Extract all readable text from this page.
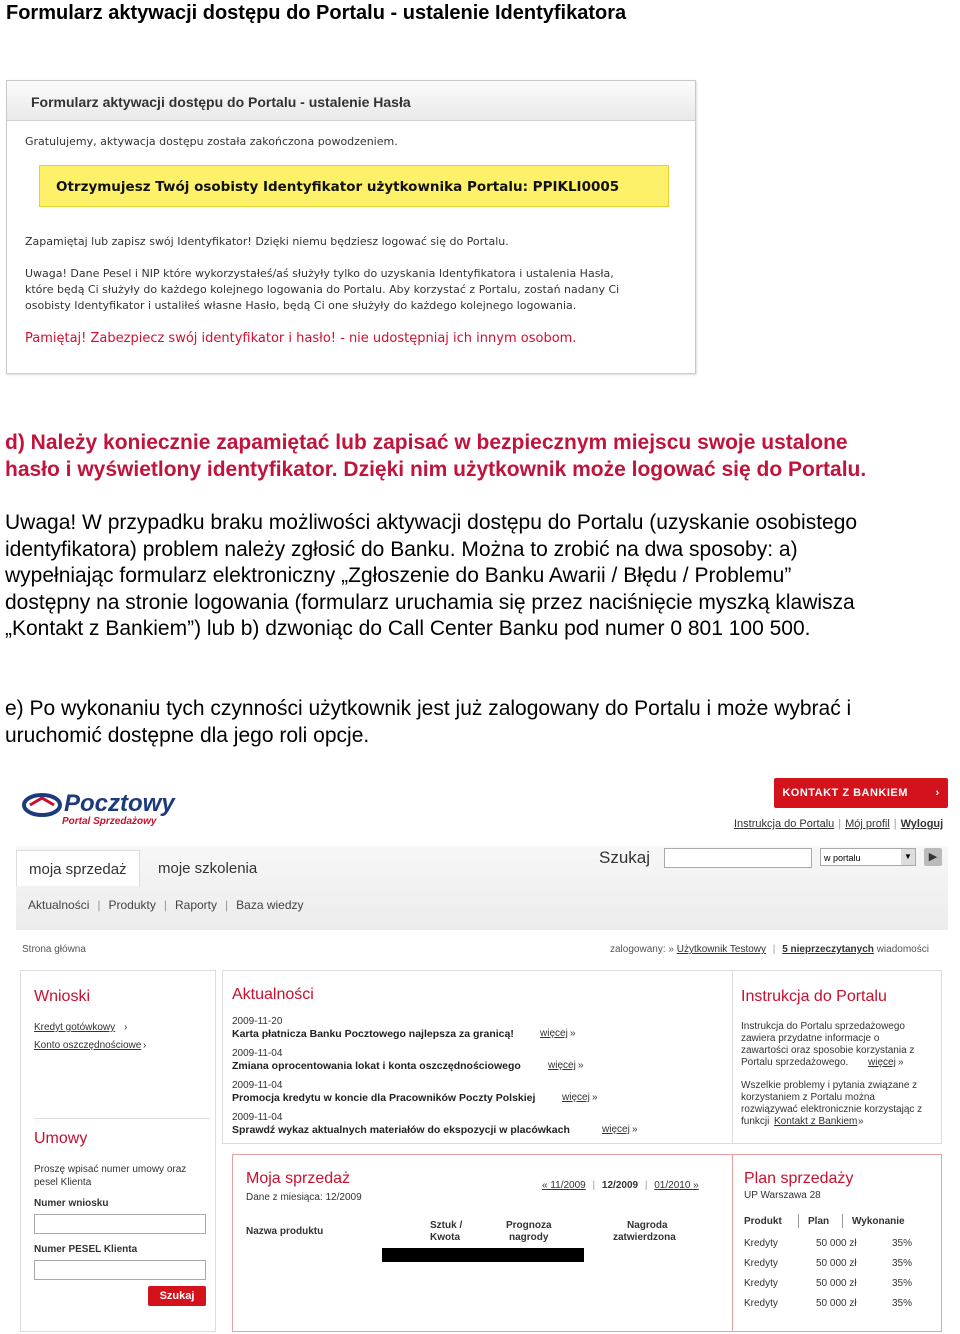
Formularz aktywacji dostępu do Portalu - ustalenie Identyfikatora
Formularz aktywacji dostępu do Portalu - ustalenie Hasła
Gratulujemy, aktywacja dostępu została zakończona powodzeniem.
Otrzymujesz Twój osobisty Identyfikator użytkownika Portalu: PPIKLI0005
Zapamiętaj lub zapisz swój Identyfikator! Dzięki niemu będziesz logować się do Portalu.
Uwaga! Dane Pesel i NIP które wykorzystałeś/aś służyły tylko do uzyskania Identyfikatora i ustalenia Hasła,
które będą Ci służyły do każdego kolejnego logowania do Portalu. Aby korzystać z Portalu, zostań nadany Ci
osobisty Identyfikator i ustaliłeś własne Hasło, będą Ci one służyły do każdego kolejnego logowania.
Pamiętaj! Zabezpiecz swój identyfikator i hasło! - nie udostępniaj ich innym osobom.
d) Należy koniecznie zapamiętać lub zapisać w bezpiecznym miejscu swoje ustalone
hasło i wyświetlony identyfikator. Dzięki nim użytkownik może logować się do Portalu.
Uwaga! W przypadku braku możliwości aktywacji dostępu do Portalu (uzyskanie osobistego
identyfikatora) problem należy zgłosić do Banku. Można to zrobić na dwa sposoby: a)
wypełniając formularz elektroniczny „Zgłoszenie do Banku Awarii / Błędu / Problemu”
dostępny na stronie logowania (formularz uruchamia się przez naciśnięcie myszką klawisza
„Kontakt z Bankiem”) lub b) dzwoniąc do Call Center Banku pod numer 0 801 100 500.
e) Po wykonaniu tych czynności użytkownik jest już zalogowany do Portalu i może wybrać i
uruchomić dostępne dla jego roli opcje.
Pocztowy
Portal Sprzedażowy
KONTAKT Z BANKIEM	›
Instrukcja do Portalu | Mój profil | Wyloguj
moja sprzedaż	moje szkolenia
Aktualności | Produkty | Raporty | Baza wiedzy
Szukaj	w portalu	▼	▶
Strona główna	zalogowany: » Użytkownik Testowy | 5 nieprzeczytanych wiadomości
Wnioski
Kredyt gotówkowy ›
Konto oszczędnościowe ›
Umowy
Proszę wpisać numer umowy oraz pesel Klienta
Numer wniosku
Numer PESEL Klienta
Szukaj
Aktualności
2009-11-20
Karta płatnicza Banku Pocztowego najlepsza za granicą!	więcej »
2009-11-04
Zmiana oprocentowania lokat i konta oszczędnościowego	więcej »
2009-11-04
Promocja kredytu w koncie dla Pracowników Poczty Polskiej	więcej »
2009-11-04
Sprawdź wykaz aktualnych materiałów do ekspozycji w placówkach	więcej »
Instrukcja do Portalu
Instrukcja do Portalu sprzedażowego
zawiera przydatne informacje o
zawartości oraz sposobie korzystania z
Portalu sprzedażowego. więcej »
Wszelkie problemy i pytania związane z
korzystaniem z Portalu można
rozwiązywać elektronicznie korzystając z
funkcji Kontakt z Bankiem »
Moja sprzedaż
Dane z miesiąca: 12/2009
« 11/2009 | 12/2009 | 01/2010 »
Nazwa produktu
Sztuk /
Kwota
Prognoza
nagrody
Nagroda
zatwierdzona
Plan sprzedaży
UP Warszawa 28
Produkt	Plan Wykonanie
Kredyty	50 000 zł	35%
Kredyty	50 000 zł	35%
Kredyty	50 000 zł	35%
Kredyty	50 000 zł	35%
